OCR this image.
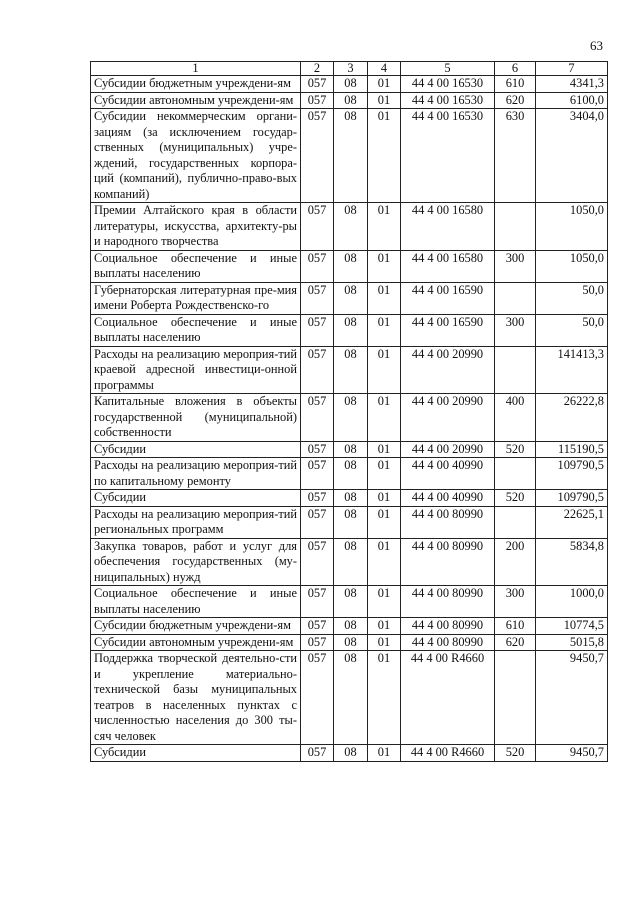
63
1	2	3	4	5	6	7
Субсидии бюджетным учреждени-ям	057	08	01	44 4 00 16530	610	4341,3
Субсидии автономным учреждени-ям	057	08	01	44 4 00 16530	620	6100,0
Субсидии некоммерческим органи-зациям (за исключением государ-ственных (муниципальных) учре-ждений, государственных корпора-ций (компаний), публично-право-вых компаний)	057	08	01	44 4 00 16530	630	3404,0
Премии Алтайского края в области литературы, искусства, архитекту-ры и народного творчества	057	08	01	44 4 00 16580		1050,0
Социальное обеспечение и иные выплаты населению	057	08	01	44 4 00 16580	300	1050,0
Губернаторская литературная пре-мия имени Роберта Рождественско-го	057	08	01	44 4 00 16590		50,0
Социальное обеспечение и иные выплаты населению	057	08	01	44 4 00 16590	300	50,0
Расходы на реализацию мероприя-тий краевой адресной инвестици-онной программы	057	08	01	44 4 00 20990		141413,3
Капитальные вложения в объекты государственной (муниципальной) собственности	057	08	01	44 4 00 20990	400	26222,8
Субсидии	057	08	01	44 4 00 20990	520	115190,5
Расходы на реализацию мероприя-тий по капитальному ремонту	057	08	01	44 4 00 40990		109790,5
Субсидии	057	08	01	44 4 00 40990	520	109790,5
Расходы на реализацию мероприя-тий региональных программ	057	08	01	44 4 00 80990		22625,1
Закупка товаров, работ и услуг для обеспечения государственных (му-ниципальных) нужд	057	08	01	44 4 00 80990	200	5834,8
Социальное обеспечение и иные выплаты населению	057	08	01	44 4 00 80990	300	1000,0
Субсидии бюджетным учреждени-ям	057	08	01	44 4 00 80990	610	10774,5
Субсидии автономным учреждени-ям	057	08	01	44 4 00 80990	620	5015,8
Поддержка творческой деятельно-сти и укрепление материально-технической базы муниципальных театров в населенных пунктах с численностью населения до 300 ты-сяч человек	057	08	01	44 4 00 R4660		9450,7
Субсидии	057	08	01	44 4 00 R4660	520	9450,7
